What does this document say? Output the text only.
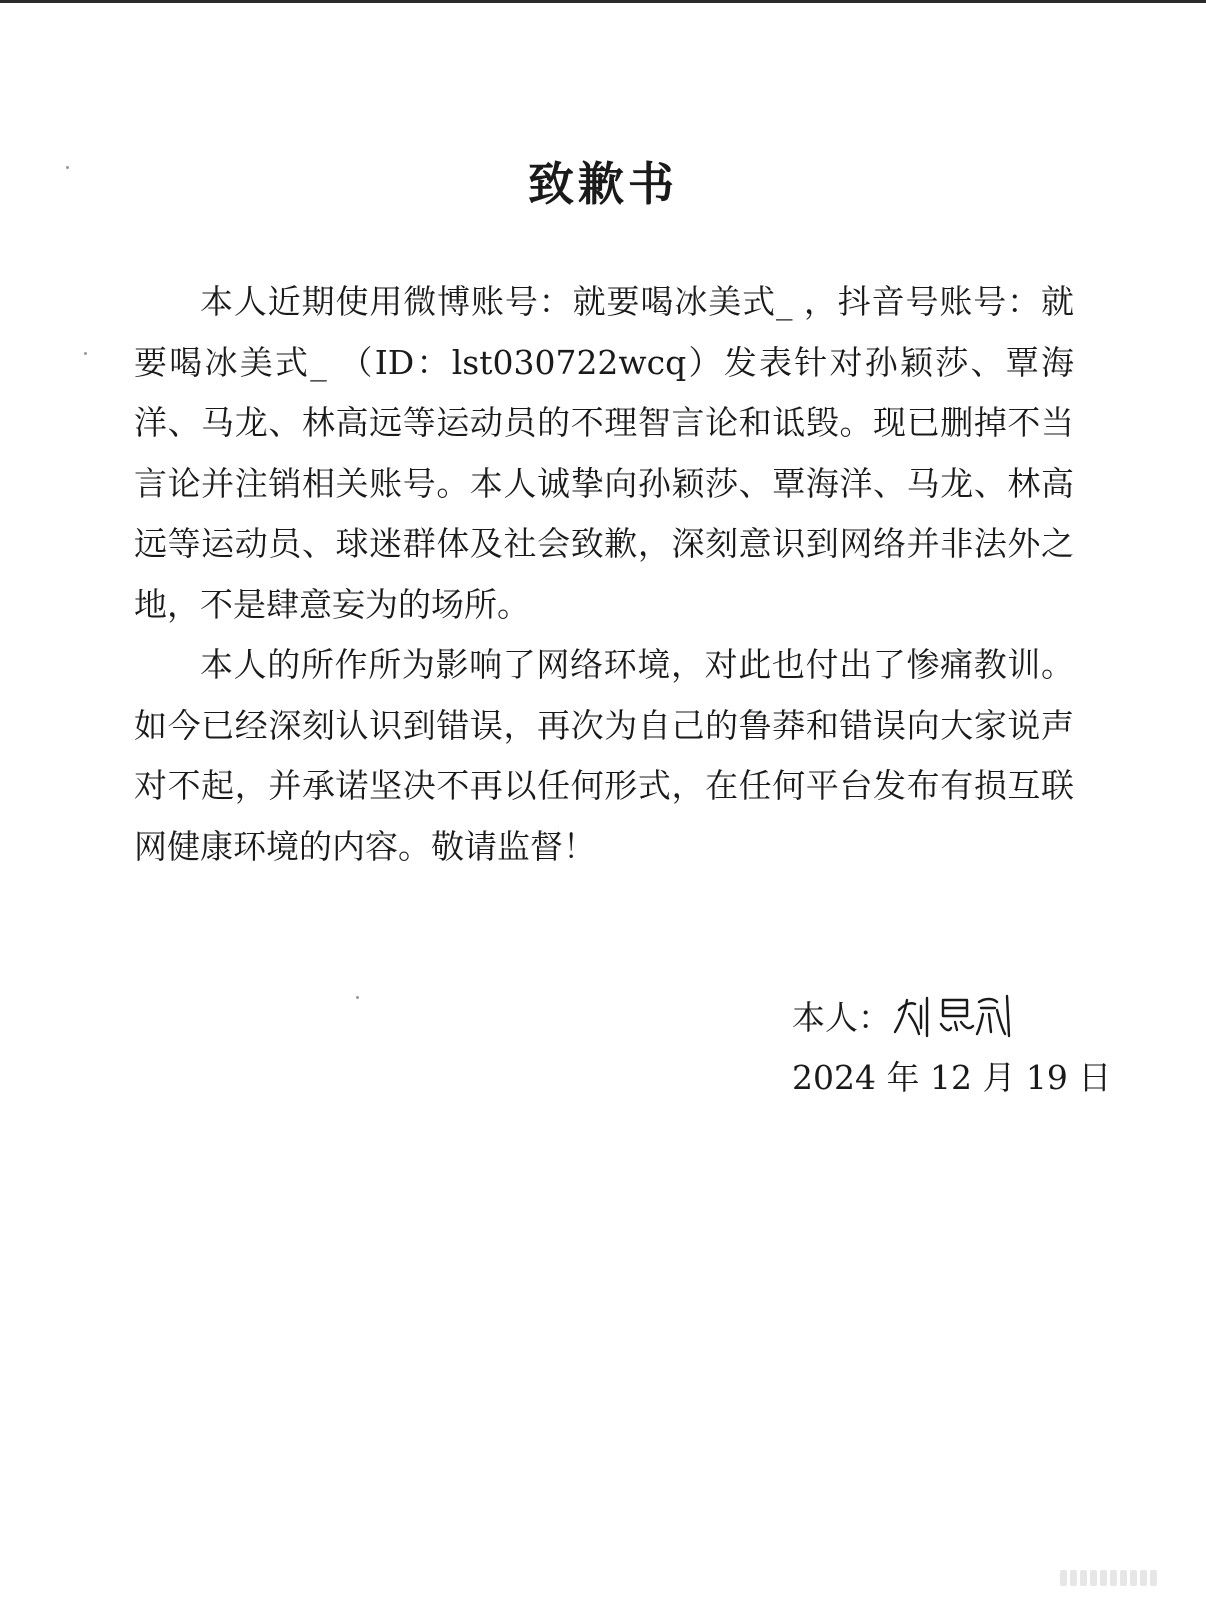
致歉书

本人近期使用微博账号：就要喝冰美式_ ，抖音号账号：就要喝冰美式_ （ID：lst030722wcq）发表针对孙颖莎、覃海洋、马龙、林高远等运动员的不理智言论和诋毁。现已删掉不当言论并注销相关账号。本人诚挚向孙颖莎、覃海洋、马龙、林高远等运动员、球迷群体及社会致歉，深刻意识到网络并非法外之地，不是肆意妄为的场所。

本人的所作所为影响了网络环境，对此也付出了惨痛教训。如今已经深刻认识到错误，再次为自己的鲁莽和错误向大家说声对不起，并承诺坚决不再以任何形式，在任何平台发布有损互联网健康环境的内容。敬请监督！

本人：
2024 年 12 月 19 日
